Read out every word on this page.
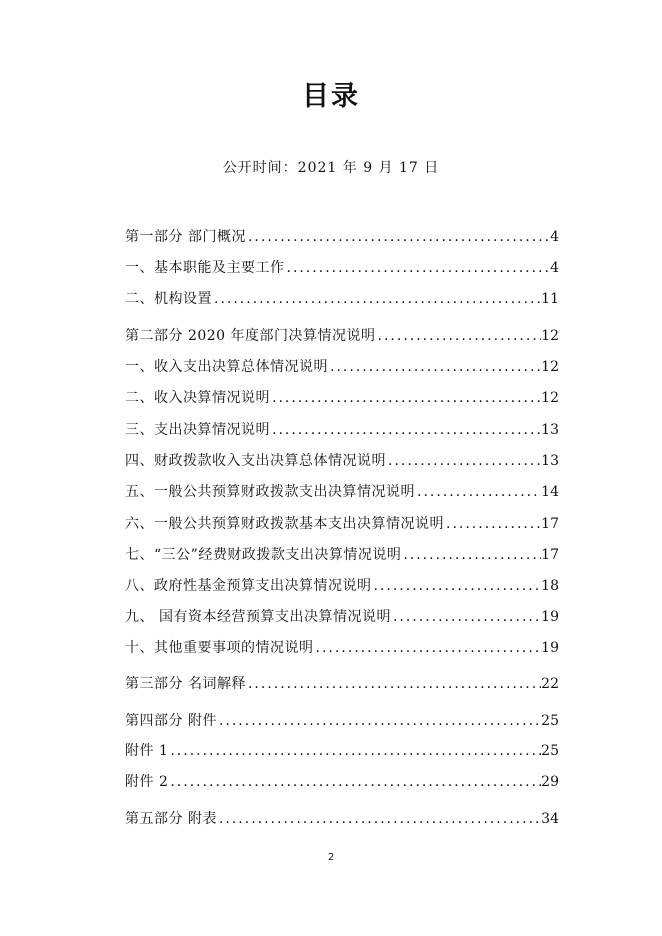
目录
公开时间：2021 年 9 月 17 日
第一部分 部门概况 .....	4
一、基本职能及主要工作 .....	4
二、机构设置 .....	11
第二部分 2020 年度部门决算情况说明 .....	12
一、收入支出决算总体情况说明 .....	12
二、收入决算情况说明 .....	12
三、支出决算情况说明 .....	13
四、财政拨款收入支出决算总体情况说明 .....	13
五、一般公共预算财政拨款支出决算情况说明 .....	14
六、一般公共预算财政拨款基本支出决算情况说明 .....	17
七、“三公”经费财政拨款支出决算情况说明 .....	17
八、政府性基金预算支出决算情况说明 .....	18
九、 国有资本经营预算支出决算情况说明 .....	19
十、其他重要事项的情况说明 .....	19
第三部分 名词解释 .....	22
第四部分 附件 .....	25
附件 1 .....	25
附件 2 .....	29
第五部分 附表 .....	34
2
